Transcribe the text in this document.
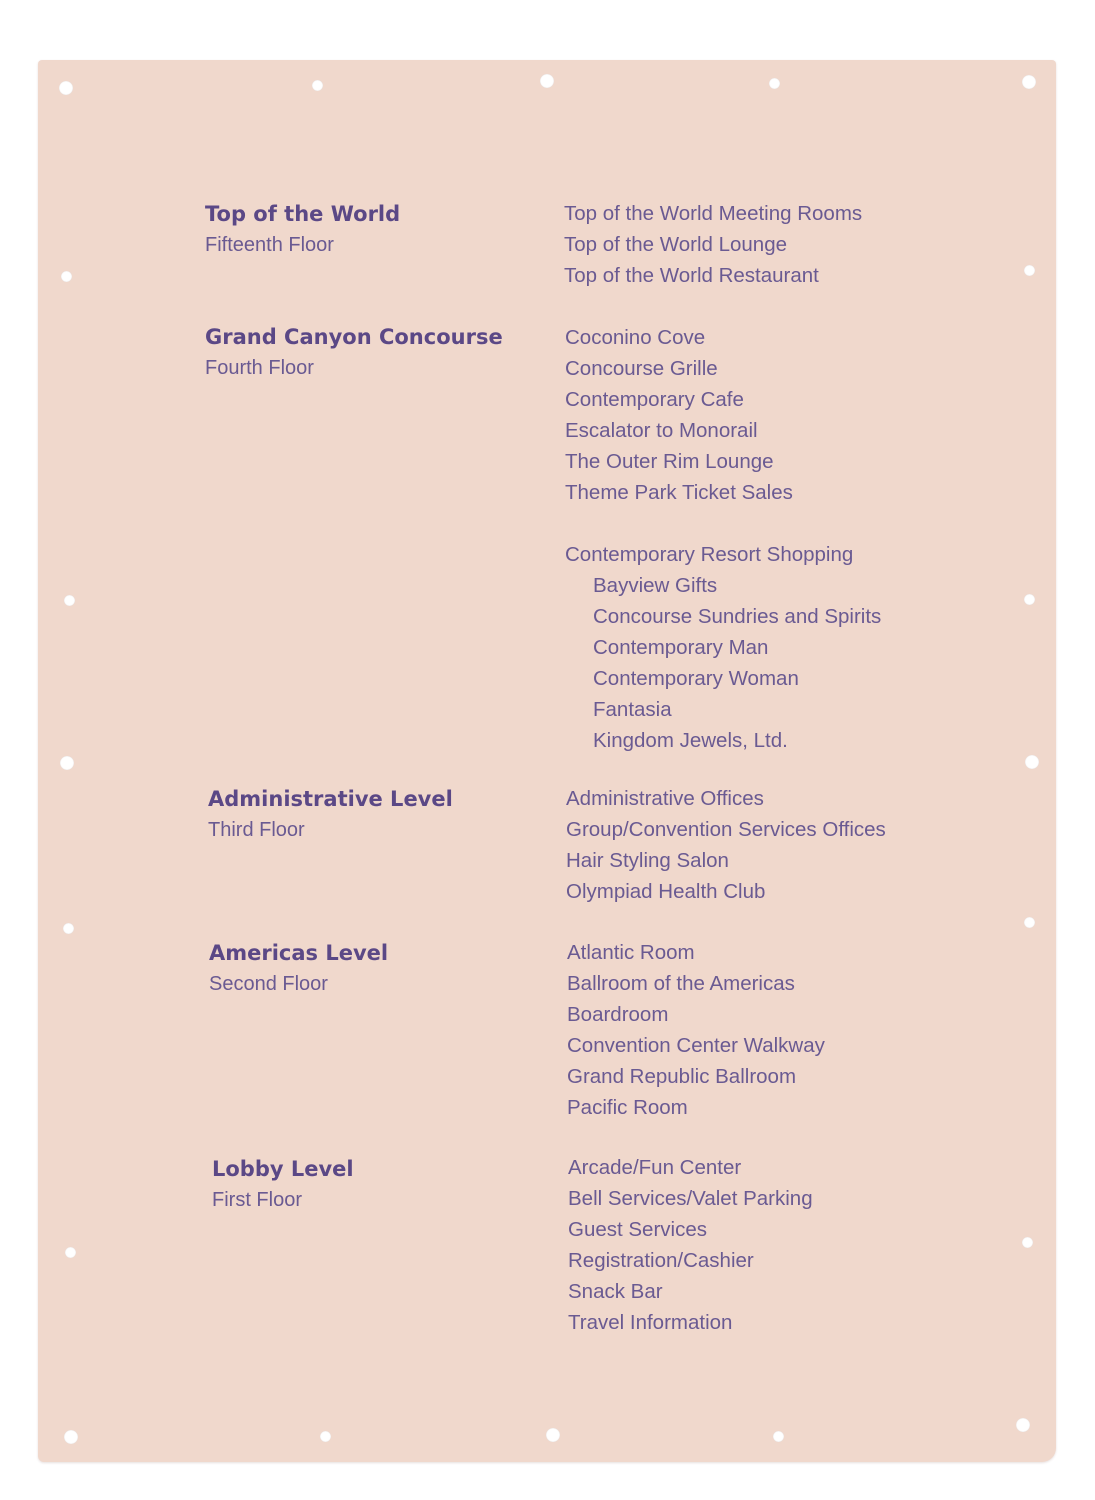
Top of the World
Fifteenth Floor
Top of the World Meeting Rooms
Top of the World Lounge
Top of the World Restaurant
Grand Canyon Concourse
Fourth Floor
Coconino Cove
Concourse Grille
Contemporary Cafe
Escalator to Monorail
The Outer Rim Lounge
Theme Park Ticket Sales
Contemporary Resort Shopping
Bayview Gifts
Concourse Sundries and Spirits
Contemporary Man
Contemporary Woman
Fantasia
Kingdom Jewels, Ltd.
Administrative Level
Third Floor
Administrative Offices
Group/Convention Services Offices
Hair Styling Salon
Olympiad Health Club
Americas Level
Second Floor
Atlantic Room
Ballroom of the Americas
Boardroom
Convention Center Walkway
Grand Republic Ballroom
Pacific Room
Lobby Level
First Floor
Arcade/Fun Center
Bell Services/Valet Parking
Guest Services
Registration/Cashier
Snack Bar
Travel Information
